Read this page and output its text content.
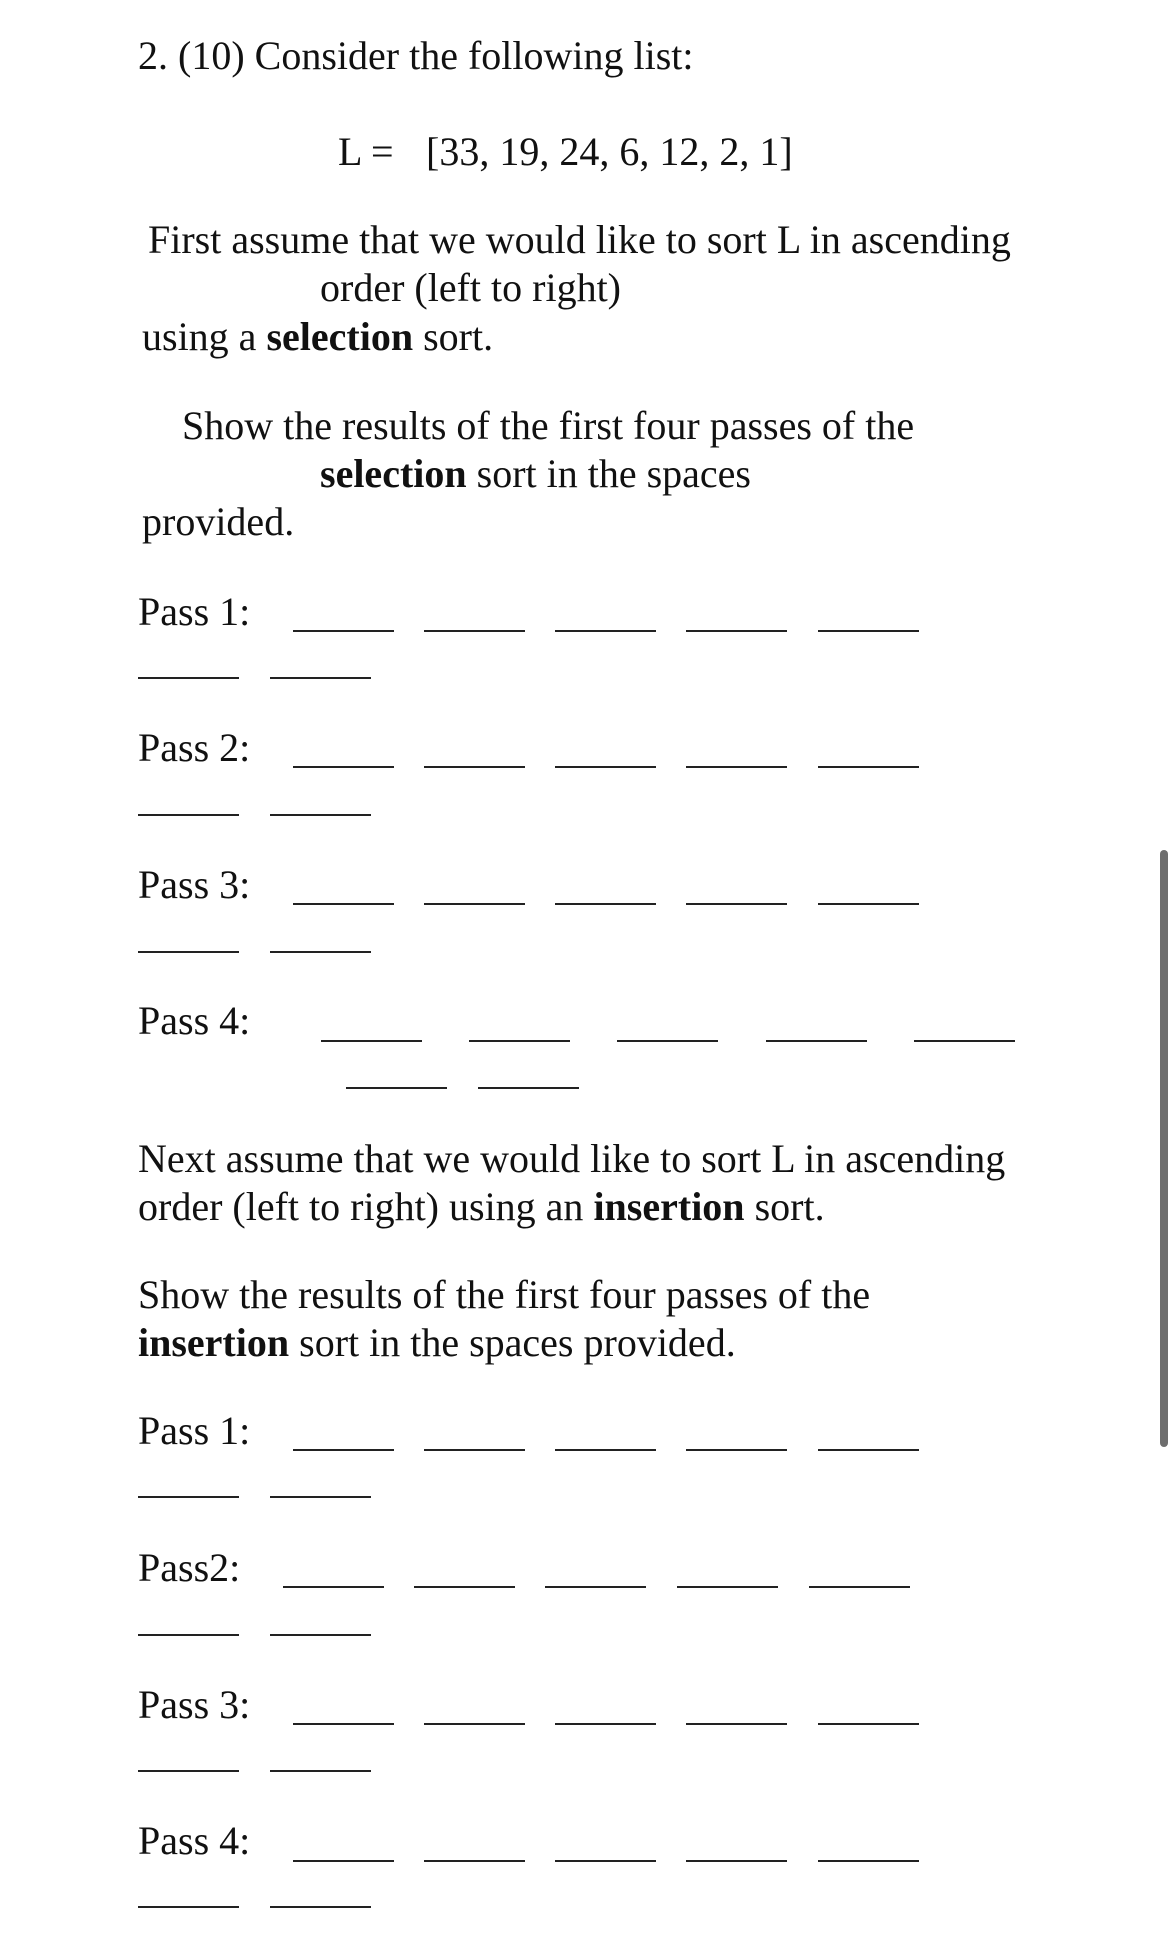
2. (10) Consider the following list:
L = [33, 19, 24, 6, 12, 2, 1]
First assume that we would like to sort L in ascending
order (left to right)
using a selection sort.
Show the results of the first four passes of the
selection sort in the spaces
provided.
Pass 1:
Pass 2:
Pass 3:
Pass 4:
Next assume that we would like to sort L in ascending
order (left to right) using an insertion sort.
Show the results of the first four passes of the
insertion sort in the spaces provided.
Pass 1:
Pass2:
Pass 3:
Pass 4:
